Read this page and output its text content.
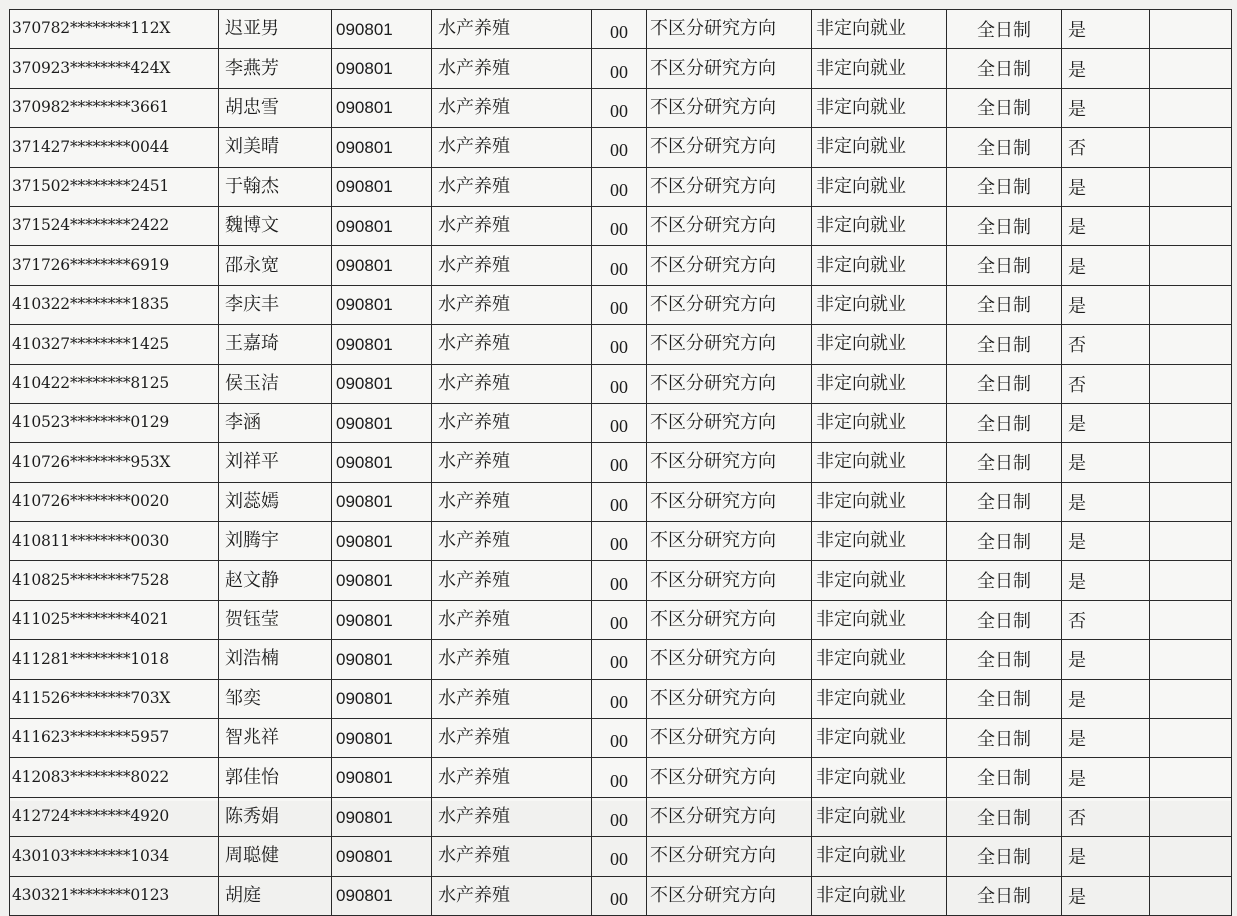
370782********112X	迟亚男	090801	水产养殖	00	不区分研究方向	非定向就业	全日制	是	
370923********424X	李燕芳	090801	水产养殖	00	不区分研究方向	非定向就业	全日制	是	
370982********3661	胡忠雪	090801	水产养殖	00	不区分研究方向	非定向就业	全日制	是	
371427********0044	刘美晴	090801	水产养殖	00	不区分研究方向	非定向就业	全日制	否	
371502********2451	于翰杰	090801	水产养殖	00	不区分研究方向	非定向就业	全日制	是	
371524********2422	魏博文	090801	水产养殖	00	不区分研究方向	非定向就业	全日制	是	
371726********6919	邵永宽	090801	水产养殖	00	不区分研究方向	非定向就业	全日制	是	
410322********1835	李庆丰	090801	水产养殖	00	不区分研究方向	非定向就业	全日制	是	
410327********1425	王嘉琦	090801	水产养殖	00	不区分研究方向	非定向就业	全日制	否	
410422********8125	侯玉洁	090801	水产养殖	00	不区分研究方向	非定向就业	全日制	否	
410523********0129	李涵	090801	水产养殖	00	不区分研究方向	非定向就业	全日制	是	
410726********953X	刘祥平	090801	水产养殖	00	不区分研究方向	非定向就业	全日制	是	
410726********0020	刘蕊嫣	090801	水产养殖	00	不区分研究方向	非定向就业	全日制	是	
410811********0030	刘腾宇	090801	水产养殖	00	不区分研究方向	非定向就业	全日制	是	
410825********7528	赵文静	090801	水产养殖	00	不区分研究方向	非定向就业	全日制	是	
411025********4021	贺钰莹	090801	水产养殖	00	不区分研究方向	非定向就业	全日制	否	
411281********1018	刘浩楠	090801	水产养殖	00	不区分研究方向	非定向就业	全日制	是	
411526********703X	邹奕	090801	水产养殖	00	不区分研究方向	非定向就业	全日制	是	
411623********5957	智兆祥	090801	水产养殖	00	不区分研究方向	非定向就业	全日制	是	
412083********8022	郭佳怡	090801	水产养殖	00	不区分研究方向	非定向就业	全日制	是	
412724********4920	陈秀娟	090801	水产养殖	00	不区分研究方向	非定向就业	全日制	否	
430103********1034	周聪健	090801	水产养殖	00	不区分研究方向	非定向就业	全日制	是	
430321********0123	胡庭	090801	水产养殖	00	不区分研究方向	非定向就业	全日制	是	
